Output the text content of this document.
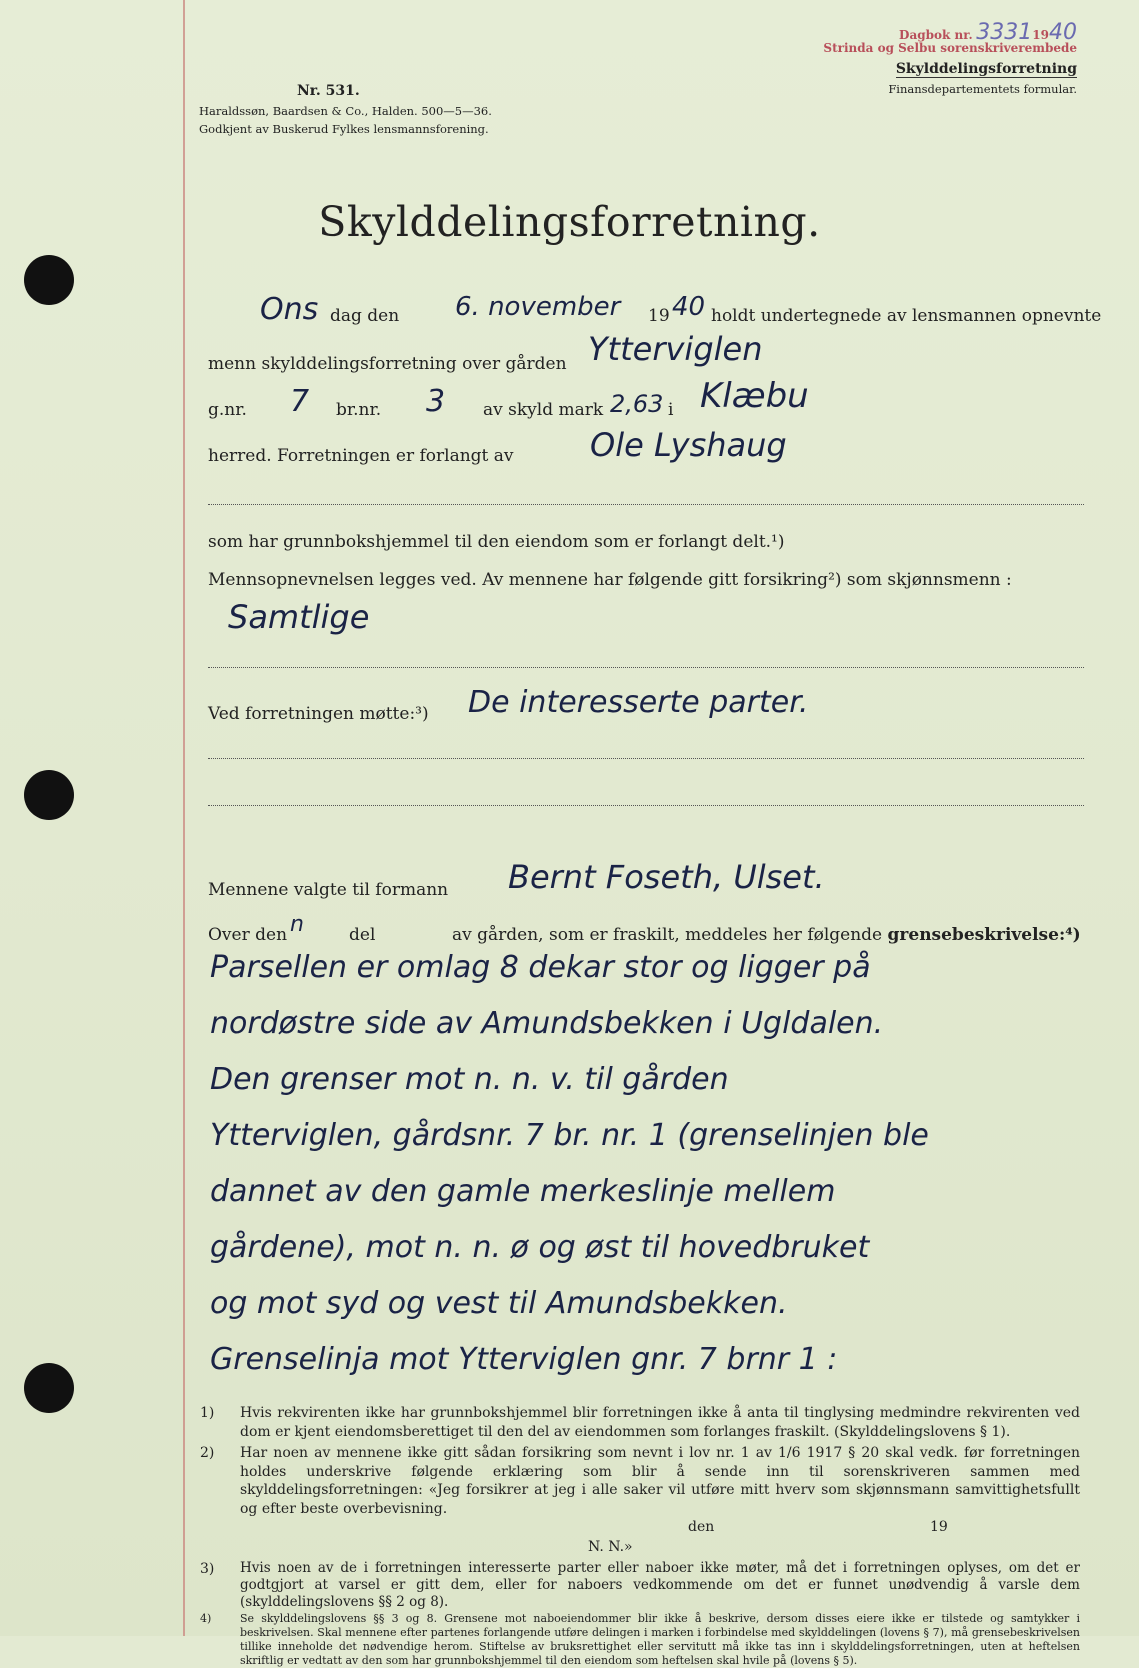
Nr. 531.
Haraldssøn, Baardsen & Co., Halden. 500—5—36.
Godkjent av Buskerud Fylkes lensmannsforening.
Dagbok nr. 33311940
Strinda og Selbu sorenskriverembede
Skylddelingsforretning
Finansdepartementets formular.
Skylddelingsforretning.
Ons dag den 6. november 19 40 holdt undertegnede av lensmannen opnevnte
menn skylddelingsforretning over gården Ytterviglen
g.nr. 7 br.nr. 3 av skyld mark 2,63 i Klæbu
herred. Forretningen er forlangt av Ole Lyshaug
som har grunnbokshjemmel til den eiendom som er forlangt delt.¹)
Mennsopnevnelsen legges ved. Av mennene har følgende gitt forsikring²) som skjønnsmenn :
Samtlige
Ved forretningen møtte:³) De interesserte parter.
Mennene valgte til formann Bernt Foseth, Ulset.
Over den n	del	av gården, som er fraskilt, meddeles her følgende grensebeskrivelse:⁴)
Parsellen er omlag 8 dekar stor og ligger på
nordøstre side av Amundsbekken i Ugldalen.
Den grenser mot n. n. v. til gården
Ytterviglen, gårdsnr. 7 br. nr. 1 (grenselinjen ble
dannet av den gamle merkeslinje mellem
gårdene), mot n. n. ø og øst til hovedbruket
og mot syd og vest til Amundsbekken.
Grenselinja mot Ytterviglen gnr. 7 brnr 1 :
1)	Hvis rekvirenten ikke har grunnbokshjemmel blir forretningen ikke å anta til tinglysing medmindre rekvirenten ved dom er kjent eiendomsberettiget til den del av eiendommen som forlanges fraskilt. (Skylddelingslovens § 1).
2)	Har noen av mennene ikke gitt sådan forsikring som nevnt i lov nr. 1 av 1/6 1917 § 20 skal vedk. før forretningen holdes underskrive følgende erklæring som blir å sende inn til sorenskriveren sammen med skylddelingsforretningen: «Jeg forsikrer at jeg i alle saker vil utføre mitt hverv som skjønnsmann samvittighetsfullt og efter beste overbevisning.
den	19
N. N.»
3)	Hvis noen av de i forretningen interesserte parter eller naboer ikke møter, må det i forretningen oplyses, om det er godtgjort at varsel er gitt dem, eller for naboers vedkommende om det er funnet unødvendig å varsle dem (skylddelingslovens §§ 2 og 8).
4)	Se skylddelingslovens §§ 3 og 8. Grensene mot naboeiendommer blir ikke å beskrive, dersom disses eiere ikke er tilstede og samtykker i beskrivelsen. Skal mennene efter partenes forlangende utføre delingen i marken i forbindelse med skylddelingen (lovens § 7), må grensebeskrivelsen tillike inneholde det nødvendige herom. Stiftelse av bruksrettighet eller servitutt må ikke tas inn i skylddelingsforretningen, uten at heftelsen skriftlig er vedtatt av den som har grunnbokshjemmel til den eiendom som heftelsen skal hvile på (lovens § 5).
